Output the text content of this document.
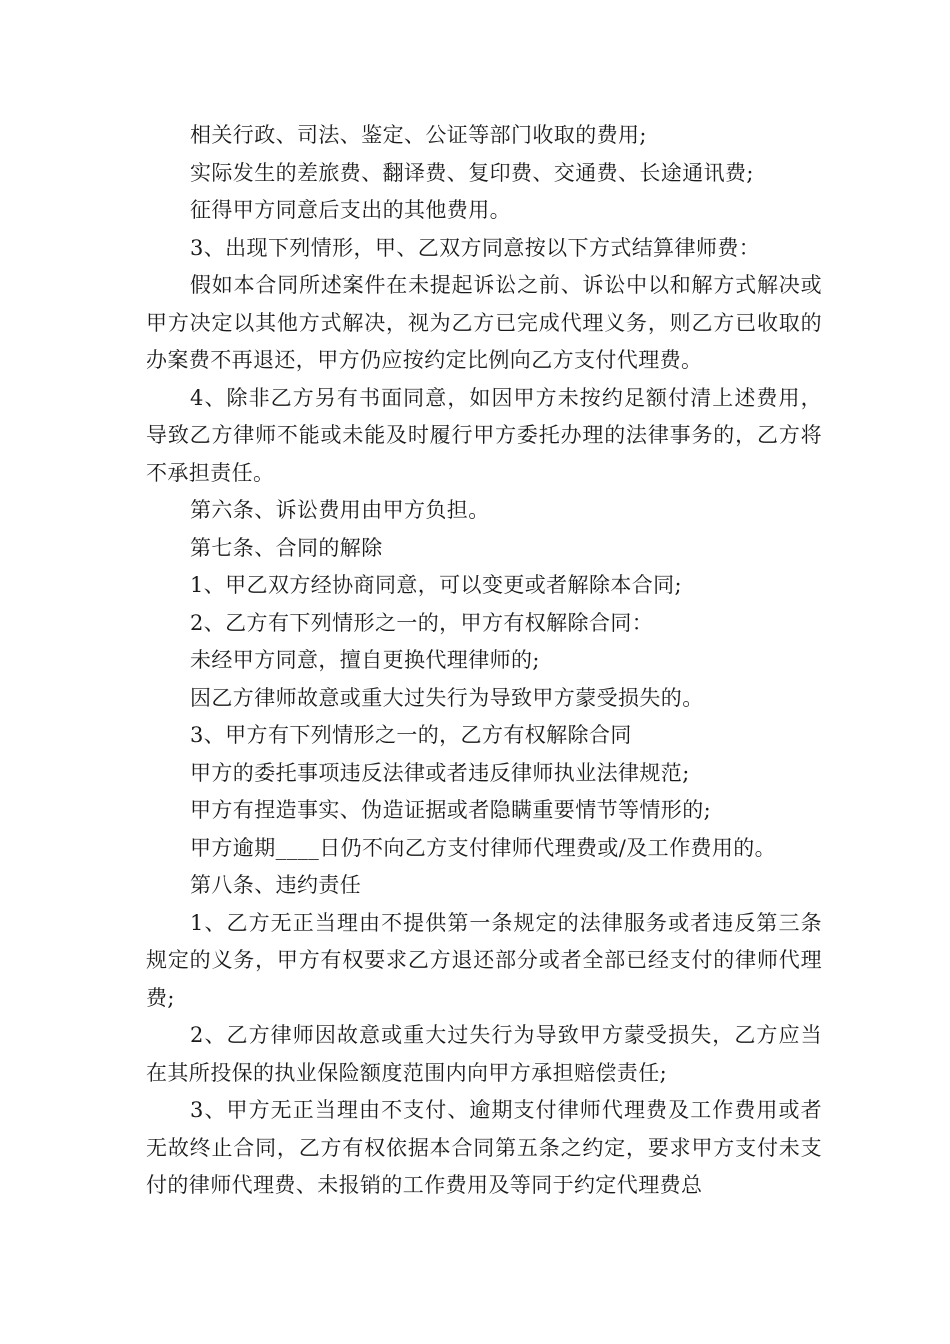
相关行政、司法、鉴定、公证等部门收取的费用;

实际发生的差旅费、翻译费、复印费、交通费、长途通讯费;

征得甲方同意后支出的其他费用。

3、出现下列情形，甲、乙双方同意按以下方式结算律师费：

假如本合同所述案件在未提起诉讼之前、诉讼中以和解方式解决或甲方决定以其他方式解决，视为乙方已完成代理义务，则乙方已收取的办案费不再退还，甲方仍应按约定比例向乙方支付代理费。

4、除非乙方另有书面同意，如因甲方未按约足额付清上述费用，导致乙方律师不能或未能及时履行甲方委托办理的法律事务的，乙方将不承担责任。

第六条、诉讼费用由甲方负担。

第七条、合同的解除

1、甲乙双方经协商同意，可以变更或者解除本合同;

2、乙方有下列情形之一的，甲方有权解除合同：

未经甲方同意，擅自更换代理律师的;

因乙方律师故意或重大过失行为导致甲方蒙受损失的。

3、甲方有下列情形之一的，乙方有权解除合同

甲方的委托事项违反法律或者违反律师执业法律规范;

甲方有捏造事实、伪造证据或者隐瞒重要情节等情形的;

甲方逾期____日仍不向乙方支付律师代理费或/及工作费用的。

第八条、违约责任

1、乙方无正当理由不提供第一条规定的法律服务或者违反第三条规定的义务，甲方有权要求乙方退还部分或者全部已经支付的律师代理费;

2、乙方律师因故意或重大过失行为导致甲方蒙受损失，乙方应当在其所投保的执业保险额度范围内向甲方承担赔偿责任;

3、甲方无正当理由不支付、逾期支付律师代理费及工作费用或者无故终止合同，乙方有权依据本合同第五条之约定，要求甲方支付未支付的律师代理费、未报销的工作费用及等同于约定代理费总
